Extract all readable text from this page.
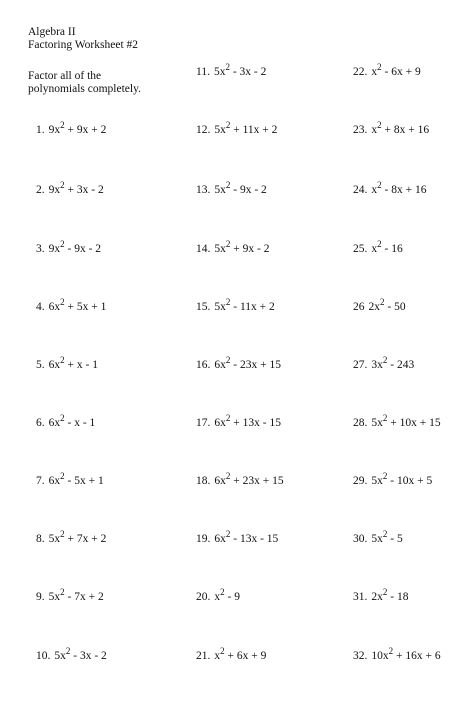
Algebra II
Factoring Worksheet #2
Factor all of the
polynomials completely.
1. $9x^2 + 9x + 2$
2. $9x^2 + 3x - 2$
3. $9x^2 - 9x - 2$
4. $6x^2 + 5x + 1$
5. $6x^2 + x - 1$
6. $6x^2$ - x - 1
7. $6x^2 - 5x + 1$
8. $5x^2 + 7x + 2$
9. $5x^2 - 7x + 2$
10. $5x^2 - 3x - 2$
11. $5x^2 - 3x - 2$
12. $5x^2 + 11x + 2$
13. $5x^2 - 9x - 2$
14. $5x^2 + 9x - 2$
15. $5x^2 - 11x + 2$
16. $6x^2 - 23x + 15$
17. $6x^2 + 13x - 15$
18. $6x^2 + 23x + 15$
19. $6x^2 - 13x - 15$
20. $x^2 - 9$
21. $x^2 + 6x + 9$
22. $x^2 - 6x + 9$
23. $x^2 + 8x + 16$
24. $x^2 - 8x + 16$
25. $x^2 - 16$
26 $2x^2 - 50$
27. $3x^2 - 243$
28. $5x^2 + 10x + 15$
29. $5x^2 - 10x + 5$
30. $5x^2 - 5$
31. $2x^2 - 18$
32. $10x^2 + 16x + 6$
